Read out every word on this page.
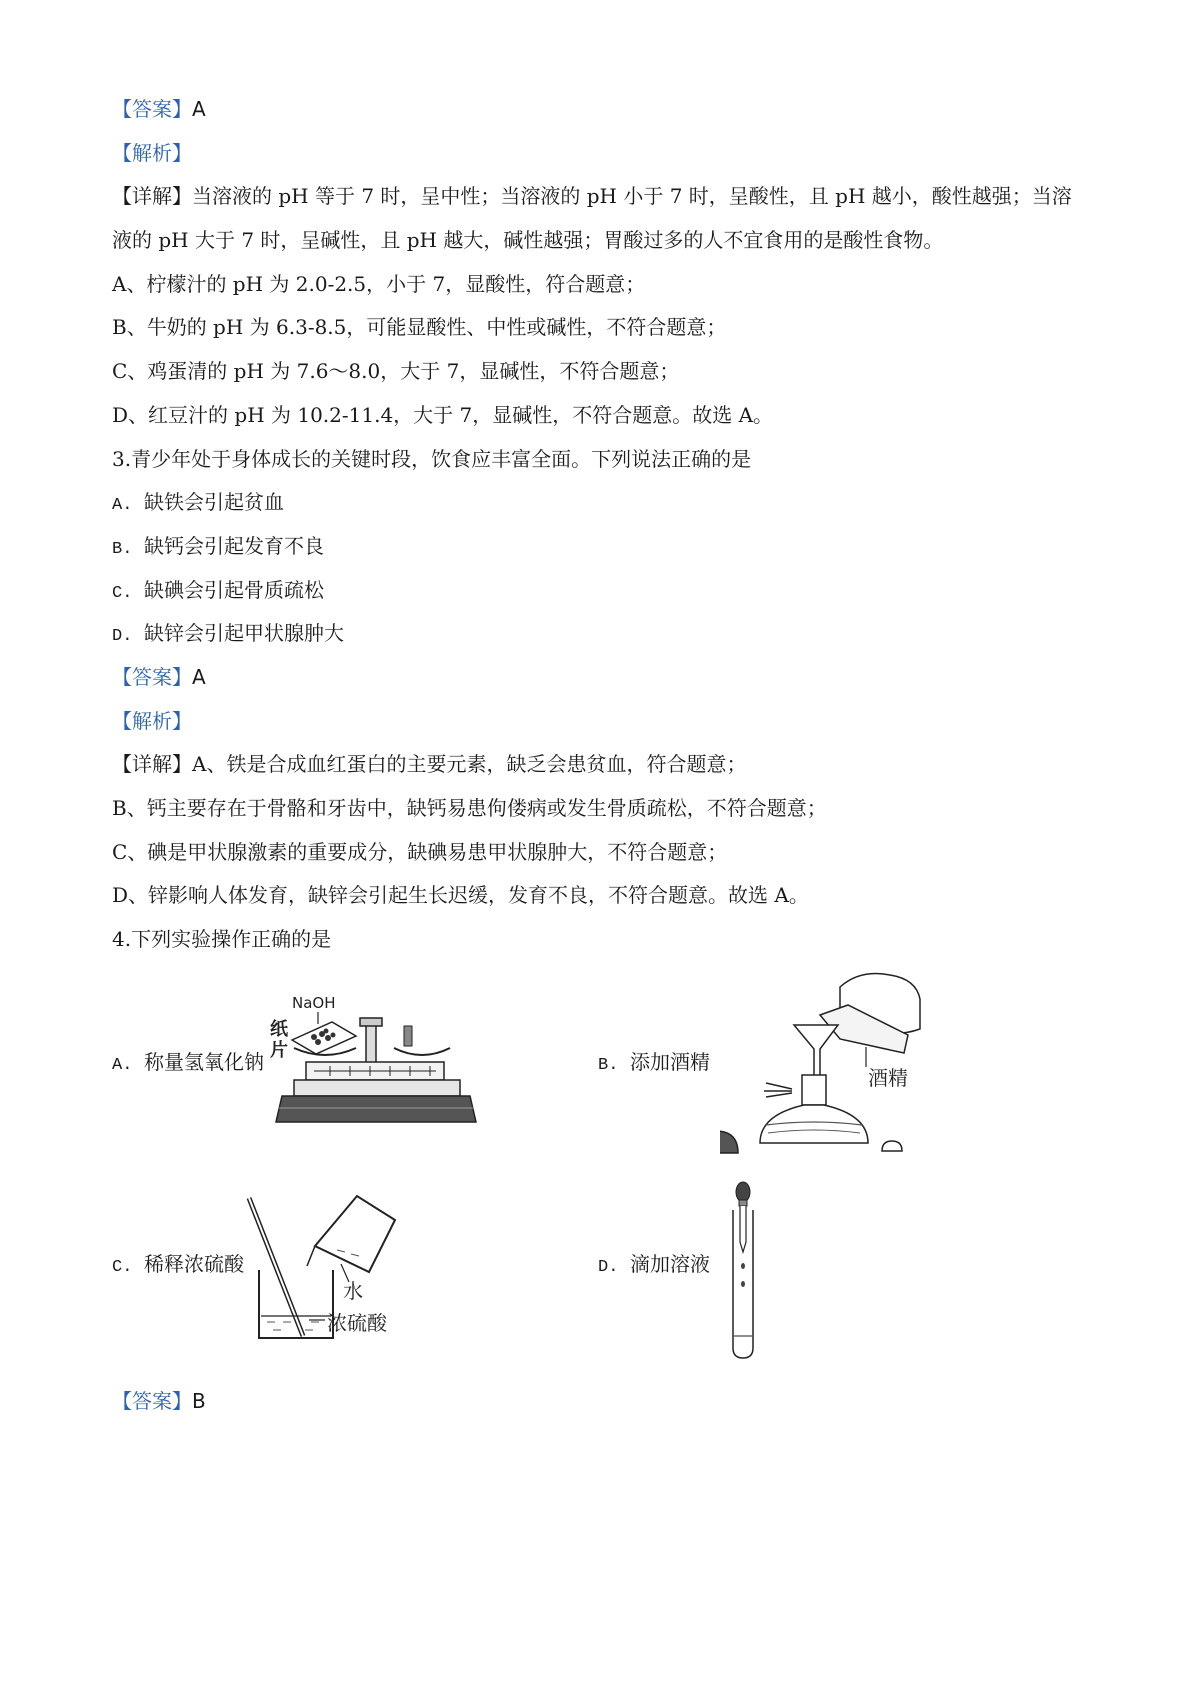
【答案】A
【解析】
【详解】当溶液的 pH 等于 7 时，呈中性；当溶液的 pH 小于 7 时，呈酸性，且 pH 越小，酸性越强；当溶
液的 pH 大于 7 时，呈碱性，且 pH 越大，碱性越强；胃酸过多的人不宜食用的是酸性食物。
A、柠檬汁的 pH 为 2.0-2.5，小于 7，显酸性，符合题意；
B、牛奶的 pH 为 6.3-8.5，可能显酸性、中性或碱性，不符合题意；
C、鸡蛋清的 pH 为 7.6～8.0，大于 7，显碱性，不符合题意；
D、红豆汁的 pH 为 10.2-11.4，大于 7，显碱性，不符合题意。故选 A。
3.青少年处于身体成长的关键时段，饮食应丰富全面。下列说法正确的是
A. 缺铁会引起贫血
B. 缺钙会引起发育不良
C. 缺碘会引起骨质疏松
D. 缺锌会引起甲状腺肿大
【答案】A
【解析】
【详解】A、铁是合成血红蛋白的主要元素，缺乏会患贫血，符合题意；
B、钙主要存在于骨骼和牙齿中，缺钙易患佝偻病或发生骨质疏松，不符合题意；
C、碘是甲状腺激素的重要成分，缺碘易患甲状腺肿大，不符合题意；
D、锌影响人体发育，缺锌会引起生长迟缓，发育不良，不符合题意。故选 A。
4.下列实验操作正确的是
A. 称量氢氧化钠
NaOH
纸
片
B. 添加酒精
酒精
C. 稀释浓硫酸
水
浓硫酸
D. 滴加溶液
【答案】B
